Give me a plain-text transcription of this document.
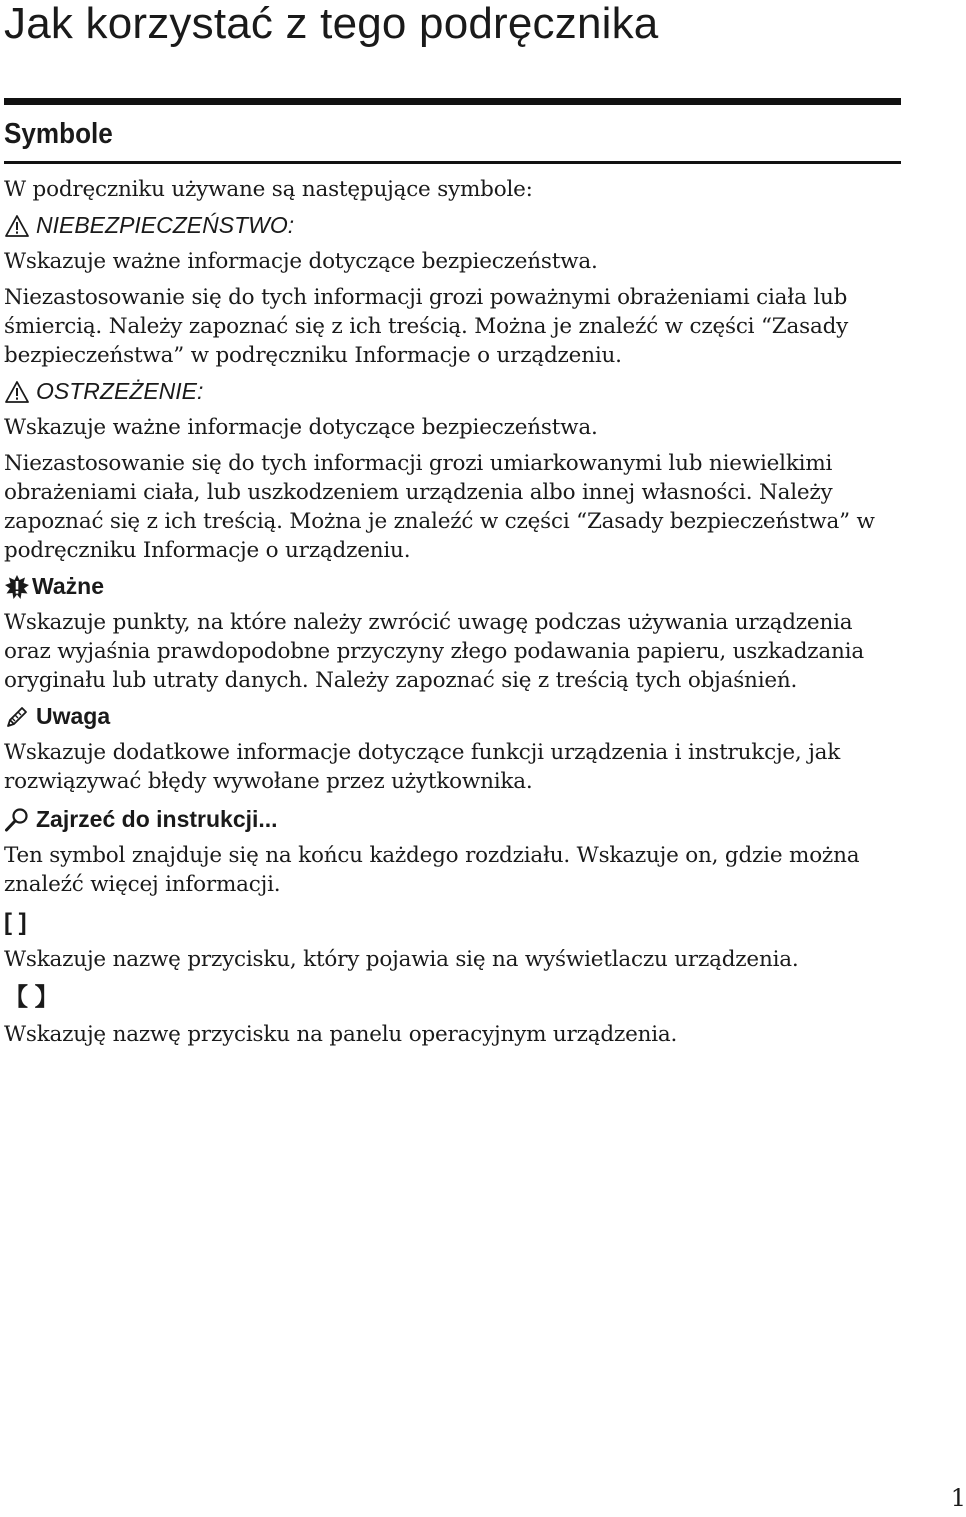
Jak korzystać z tego podręcznika
Symbole

W podręczniku używane są następujące symbole:

NIEBEZPIECZEŃSTWO:

Wskazuje ważne informacje dotyczące bezpieczeństwa.

Niezastosowanie się do tych informacji grozi poważnymi obrażeniami ciała lub śmiercią. Należy zapoznać się z ich treścią. Można je znaleźć w części “Zasady bezpieczeństwa” w podręczniku Informacje o urządzeniu.

OSTRZEŻENIE:

Wskazuje ważne informacje dotyczące bezpieczeństwa.

Niezastosowanie się do tych informacji grozi umiarkowanymi lub niewielkimi obrażeniami ciała, lub uszkodzeniem urządzenia albo innej własności. Należy zapoznać się z ich treścią. Można je znaleźć w części “Zasady bezpieczeństwa” w podręczniku Informacje o urządzeniu.

Ważne

Wskazuje punkty, na które należy zwrócić uwagę podczas używania urządzenia oraz wyjaśnia prawdopodobne przyczyny złego podawania papieru, uszkadzania oryginału lub utraty danych. Należy zapoznać się z treścią tych objaśnień.

Uwaga

Wskazuje dodatkowe informacje dotyczące funkcji urządzenia i instrukcje, jak rozwiązywać błędy wywołane przez użytkownika.

Zajrzeć do instrukcji...

Ten symbol znajduje się na końcu każdego rozdziału. Wskazuje on, gdzie można znaleźć więcej informacji.

[ ]

Wskazuje nazwę przycisku, który pojawia się na wyświetlaczu urządzenia.

【 】

Wskazuję nazwę przycisku na panelu operacyjnym urządzenia.

1
